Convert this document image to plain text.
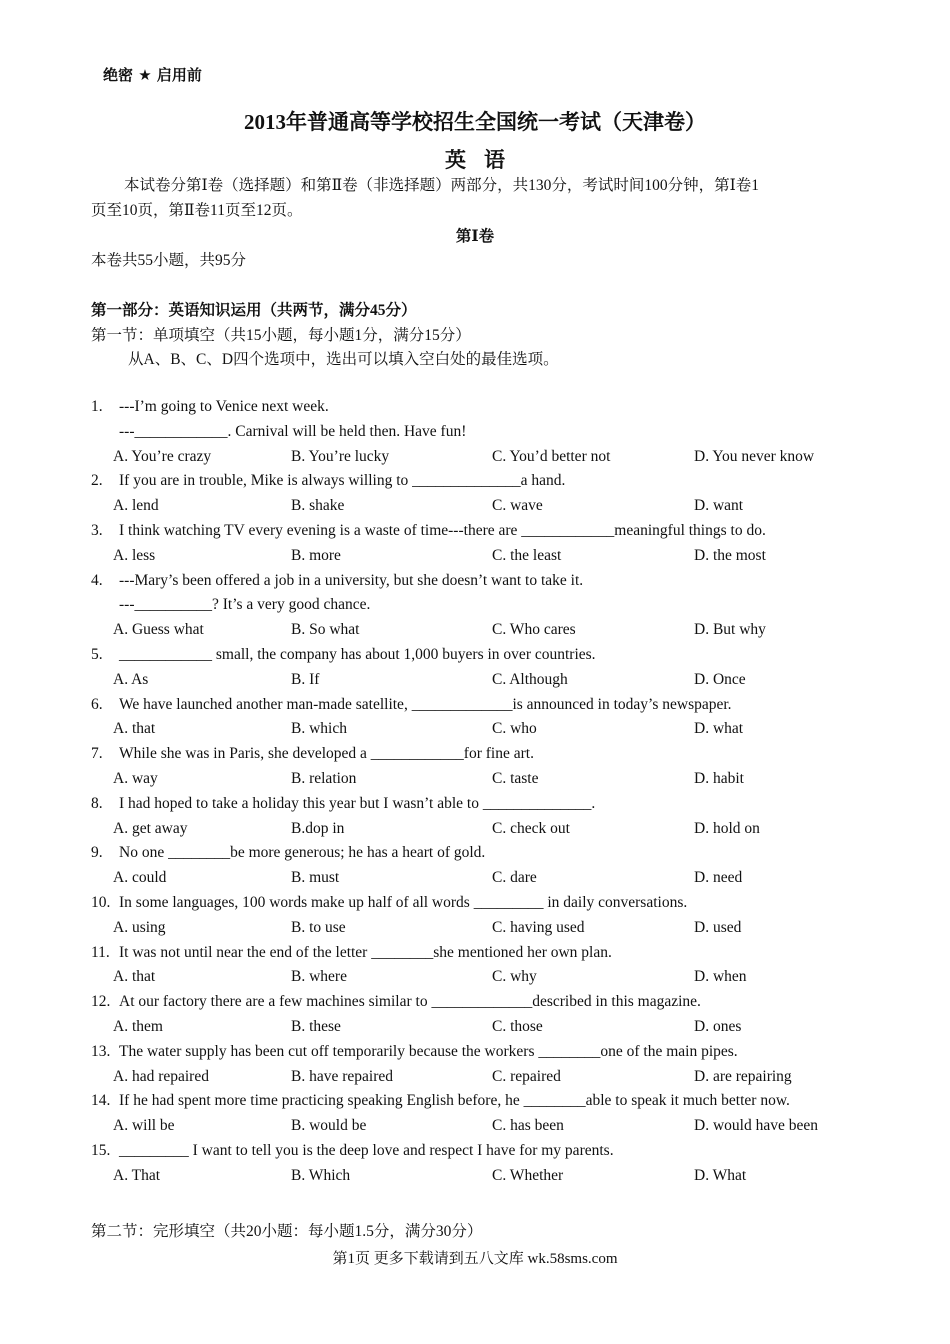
绝密 ★ 启用前
2013年普通高等学校招生全国统一考试（天津卷）
英语
本试卷分第Ⅰ卷（选择题）和第Ⅱ卷（非选择题）两部分，共130分，考试时间100分钟，第Ⅰ卷1
页至10页，第Ⅱ卷11页至12页。
第Ⅰ卷
本卷共55小题，共95分
第一部分：英语知识运用（共两节，满分45分）
第一节：单项填空（共15小题，每小题1分，满分15分）
从A、B、C、D四个选项中，选出可以填入空白处的最佳选项。
1. ---I’m going to Venice next week.
---____________. Carnival will be held then. Have fun!
A. You’re crazy	B. You’re lucky	C. You’d better not	D. You never know
2. If you are in trouble, Mike is always willing to ______________a hand.
A. lend	B. shake	C. wave	D. want
3. I think watching TV every evening is a waste of time---there are ____________meaningful things to do.
A. less	B. more	C. the least	D. the most
4. ---Mary’s been offered a job in a university, but she doesn’t want to take it.
---__________? It’s a very good chance.
A. Guess what	B. So what	C. Who cares	D. But why
5. ____________ small, the company has about 1,000 buyers in over countries.
A. As	B. If	C. Although	D. Once
6. We have launched another man-made satellite, _____________is announced in today’s newspaper.
A. that	B. which	C. who	D. what
7. While she was in Paris, she developed a ____________for fine art.
A. way	B. relation	C. taste	D. habit
8. I had hoped to take a holiday this year but I wasn’t able to ______________.
A. get away	B.dop in	C. check out	D. hold on
9. No one ________be more generous; he has a heart of gold.
A. could	B. must	C. dare	D. need
10. In some languages, 100 words make up half of all words _________ in daily conversations.
A. using	B. to use	C. having used	D. used
11. It was not until near the end of the letter ________she mentioned her own plan.
A. that	B. where	C. why	D. when
12. At our factory there are a few machines similar to _____________described in this magazine.
A. them	B. these	C. those	D. ones
13. The water supply has been cut off temporarily because the workers ________one of the main pipes.
A. had repaired	B. have repaired	C. repaired	D. are repairing
14. If he had spent more time practicing speaking English before, he ________able to speak it much better now.
A. will be	B. would be	C. has been	D. would have been
15. _________ I want to tell you is the deep love and respect I have for my parents.
A. That	B. Which	C. Whether	D. What
第二节：完形填空（共20小题：每小题1.5分，满分30分）
第1页 更多下载请到五八文库 wk.58sms.com
